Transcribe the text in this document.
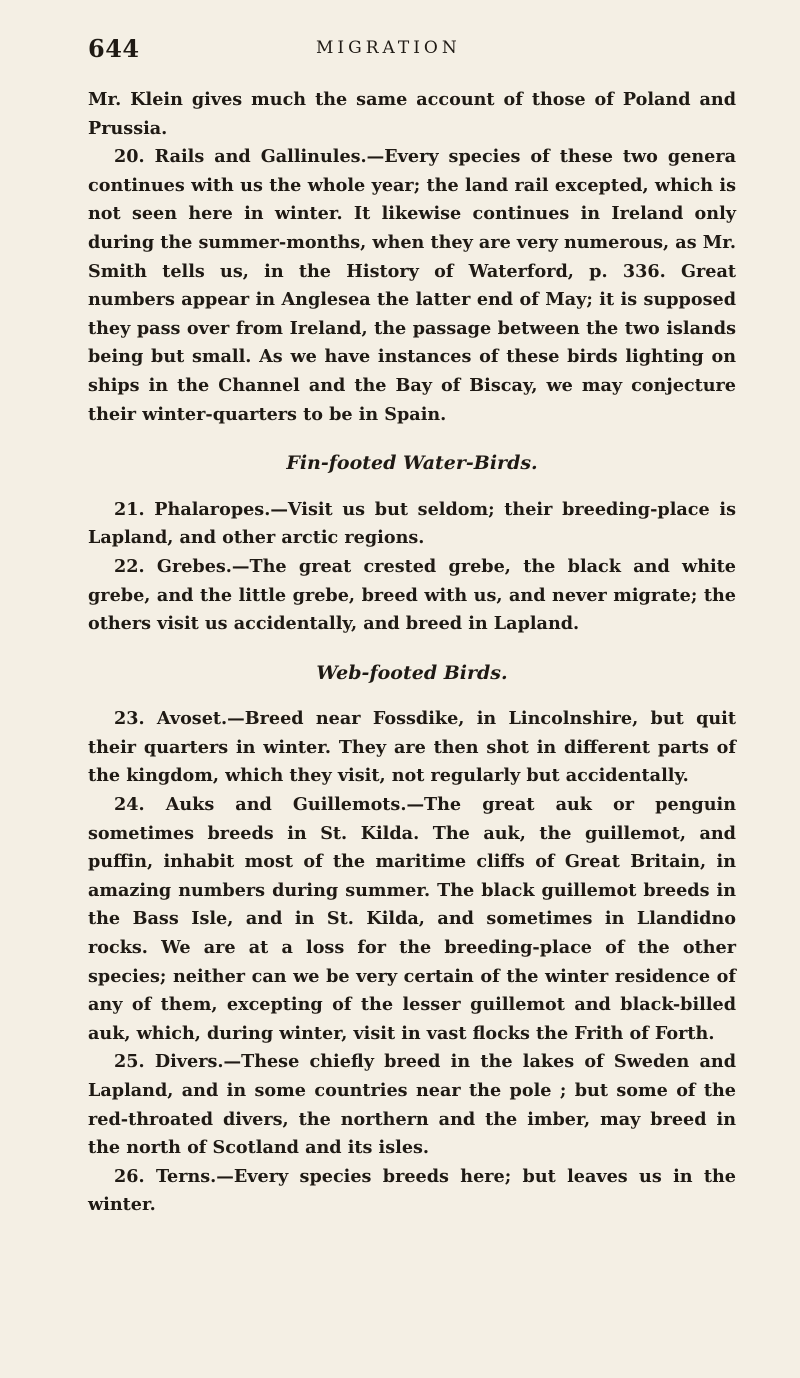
644	MIGRATION

Mr. Klein gives much the same account of those of Poland and Prussia.

20. Rails and Gallinules.—Every species of these two genera continues with us the whole year; the land rail excepted, which is not seen here in winter. It likewise continues in Ireland only during the summer-months, when they are very numerous, as Mr. Smith tells us, in the History of Waterford, p. 336. Great numbers appear in Anglesea the latter end of May; it is supposed they pass over from Ireland, the passage between the two islands being but small. As we have instances of these birds lighting on ships in the Channel and the Bay of Biscay, we may conjecture their winter-quarters to be in Spain.

Fin-footed Water-Birds.

21. Phalaropes.—Visit us but seldom; their breeding-place is Lapland, and other arctic regions.

22. Grebes.—The great crested grebe, the black and white grebe, and the little grebe, breed with us, and never migrate; the others visit us accidentally, and breed in Lapland.

Web-footed Birds.

23. Avoset.—Breed near Fossdike, in Lincolnshire, but quit their quarters in winter. They are then shot in different parts of the kingdom, which they visit, not regularly but accidentally.

24. Auks and Guillemots.—The great auk or penguin sometimes breeds in St. Kilda. The auk, the guillemot, and puffin, inhabit most of the maritime cliffs of Great Britain, in amazing numbers during summer. The black guillemot breeds in the Bass Isle, and in St. Kilda, and sometimes in Llandidno rocks. We are at a loss for the breeding-place of the other species; neither can we be very certain of the winter residence of any of them, excepting of the lesser guillemot and black-billed auk, which, during winter, visit in vast flocks the Frith of Forth.

25. Divers.—These chiefly breed in the lakes of Sweden and Lapland, and in some countries near the pole ; but some of the red-throated divers, the northern and the imber, may breed in the north of Scotland and its isles.

26. Terns.—Every species breeds here; but leaves us in the winter.
